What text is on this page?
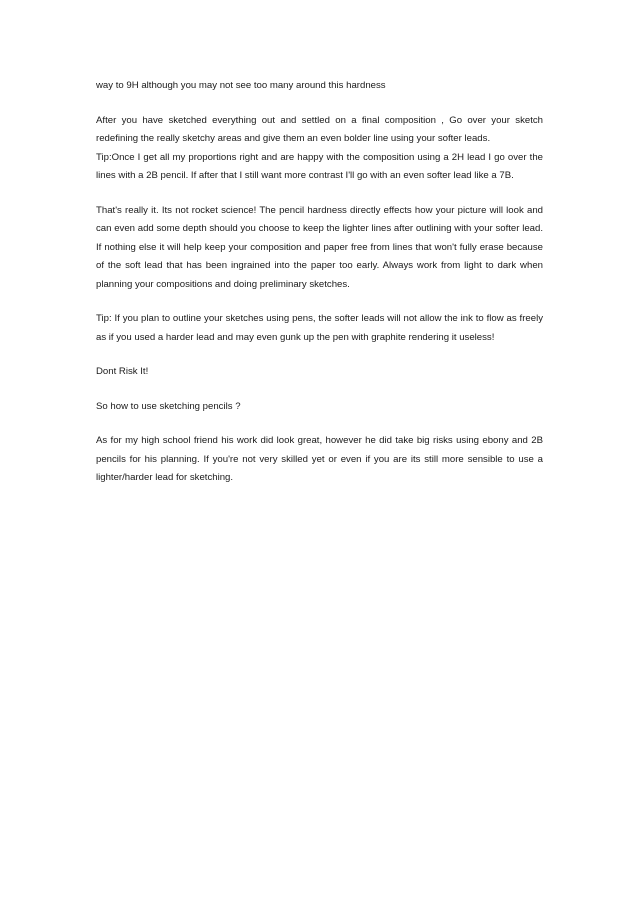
way to 9H although you may not see too many around this hardness

After you have sketched everything out and settled on a final composition , Go over your sketch redefining the really sketchy areas and give them an even bolder line using your softer leads.

Tip:Once I get all my proportions right and are happy with the composition using a 2H lead I go over the lines with a 2B pencil. If after that I still want more contrast I'll go with an even softer lead like a 7B.

That's really it. Its not rocket science! The pencil hardness directly effects how your picture will look and can even add some depth should you choose to keep the lighter lines after outlining with your softer lead. If nothing else it will help keep your composition and paper free from lines that won't fully erase because of the soft lead that has been ingrained into the paper too early. Always work from light to dark when planning your compositions and doing preliminary sketches.

Tip: If you plan to outline your sketches using pens, the softer leads will not allow the ink to flow as freely as if you used a harder lead and may even gunk up the pen with graphite rendering it useless!

Dont Risk It!

So how to use sketching pencils ?

As for my high school friend his work did look great, however he did take big risks using ebony and 2B pencils for his planning. If you're not very skilled yet or even if you are its still more sensible to use a lighter/harder lead for sketching.
